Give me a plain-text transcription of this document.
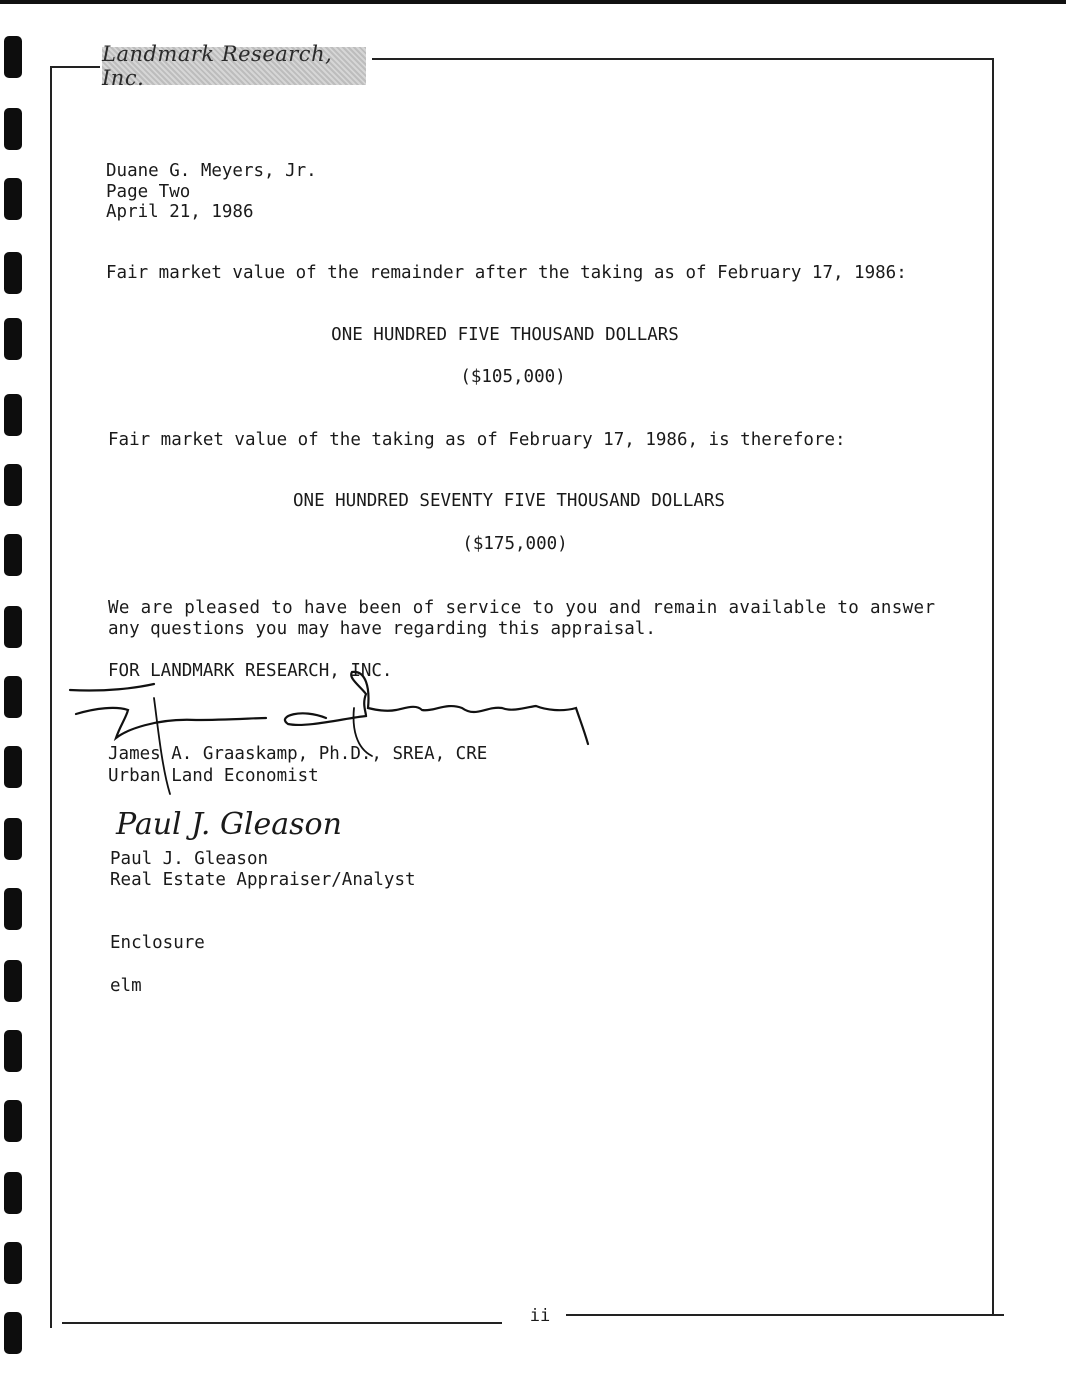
Landmark Research, Inc.
Duane G. Meyers, Jr.
Page Two
April 21, 1986
Fair market value of the remainder after the taking as of February 17, 1986:
ONE HUNDRED FIVE THOUSAND DOLLARS
($105,000)
Fair market value of the taking as of February 17, 1986, is therefore:
ONE HUNDRED SEVENTY FIVE THOUSAND DOLLARS
($175,000)
We are pleased to have been of service to you and remain available to answer
any questions you may have regarding this appraisal.
FOR LANDMARK RESEARCH, INC.
James A. Graaskamp, Ph.D., SREA, CRE
Urban Land Economist
Paul J. Gleason
Paul J. Gleason
Real Estate Appraiser/Analyst
Enclosure
elm
ii
